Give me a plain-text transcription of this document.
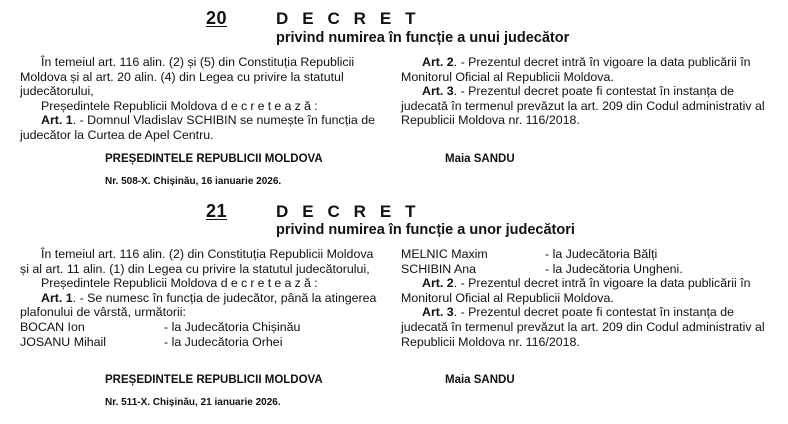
20	D E C R E T
privind numirea în funcție a unui judecător

În temeiul art. 116 alin. (2) și (5) din Constituția Republicii Moldova și al art. 20 alin. (4) din Legea cu privire la statutul judecătorului,

Președintele Republicii Moldova decretează:

Art. 1. - Domnul Vladislav SCHIBIN se numește în funcția de judecător la Curtea de Apel Centru.

Art. 2. - Prezentul decret intră în vigoare la data publicării în Monitorul Oficial al Republicii Moldova.

Art. 3. - Prezentul decret poate fi contestat în instanța de judecată în termenul prevăzut la art. 209 din Codul administrativ al Republicii Moldova nr. 116/2018.

PREȘEDINTELE REPUBLICII MOLDOVA	Maia SANDU
Nr. 508-X. Chișinău, 16 ianuarie 2026.
21	D E C R E T
privind numirea în funcție a unor judecători

În temeiul art. 116 alin. (2) din Constituția Republicii Moldova și al art. 11 alin. (1) din Legea cu privire la statutul judecătorului,

Președintele Republicii Moldova decretează:

Art. 1. - Se numesc în funcția de judecător, până la atingerea plafonului de vârstă, următorii:

BOCAN Ion	- la Judecătoria Chișinău
JOSANU Mihail	- la Judecătoria Orhei
MELNIC Maxim	- la Judecătoria Bălți
SCHIBIN Ana	- la Judecătoria Ungheni.

Art. 2. - Prezentul decret intră în vigoare la data publicării în Monitorul Oficial al Republicii Moldova.

Art. 3. - Prezentul decret poate fi contestat în instanța de judecată în termenul prevăzut la art. 209 din Codul administrativ al Republicii Moldova nr. 116/2018.

PREȘEDINTELE REPUBLICII MOLDOVA	Maia SANDU
Nr. 511-X. Chișinău, 21 ianuarie 2026.
